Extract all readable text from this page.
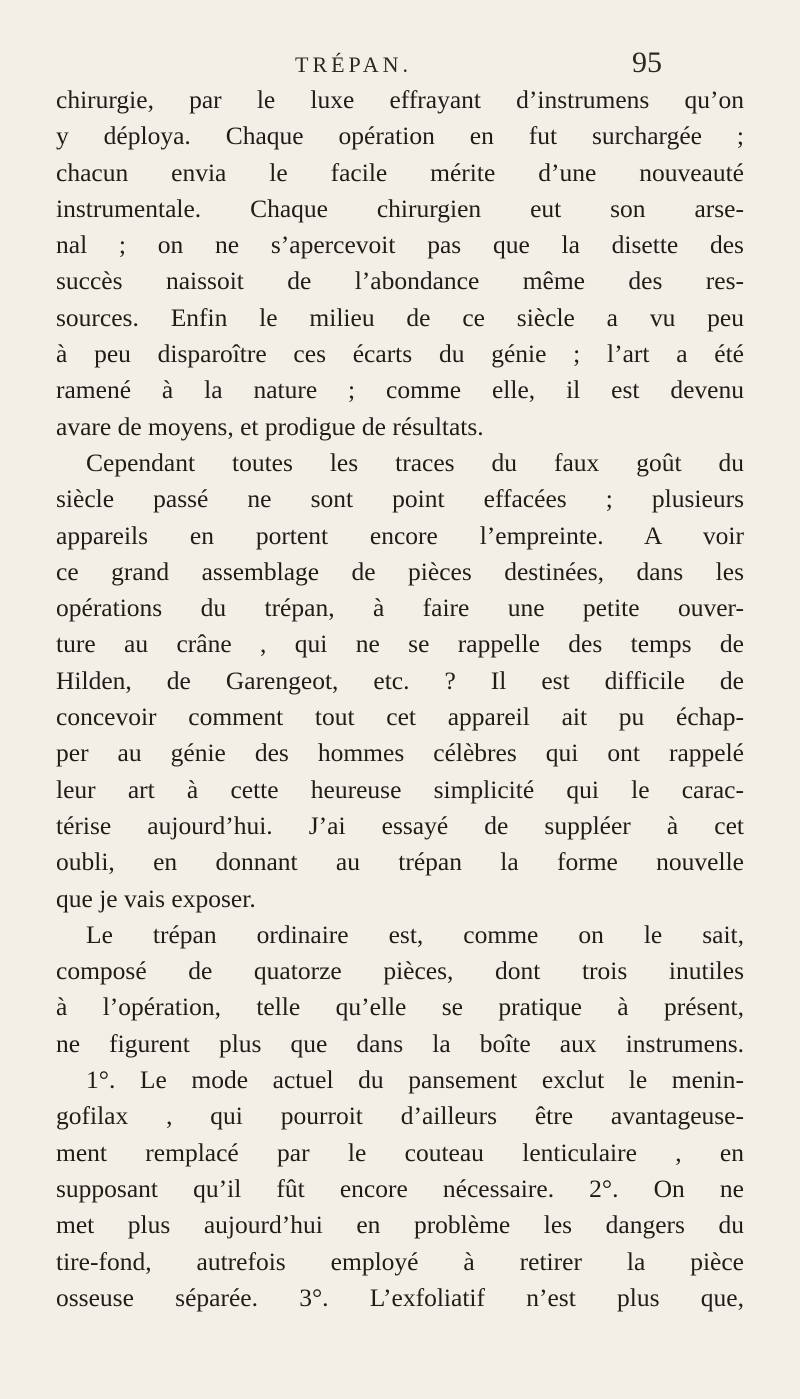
TRÉPAN.	95
chirurgie, par le luxe effrayant d’instrumens qu’on
y déploya. Chaque opération en fut surchargée ;
chacun envia le facile mérite d’une nouveauté
instrumentale. Chaque chirurgien eut son arse-
nal ; on ne s’apercevoit pas que la disette des
succès naissoit de l’abondance même des res-
sources. Enfin le milieu de ce siècle a vu peu
à peu disparoître ces écarts du génie ; l’art a été
ramené à la nature ; comme elle, il est devenu
avare de moyens, et prodigue de résultats.
Cependant toutes les traces du faux goût du
siècle passé ne sont point effacées ; plusieurs
appareils en portent encore l’empreinte. A voir
ce grand assemblage de pièces destinées, dans les
opérations du trépan, à faire une petite ouver-
ture au crâne , qui ne se rappelle des temps de
Hilden, de Garengeot, etc. ? Il est difficile de
concevoir comment tout cet appareil ait pu échap-
per au génie des hommes célèbres qui ont rappelé
leur art à cette heureuse simplicité qui le carac-
térise aujourd’hui. J’ai essayé de suppléer à cet
oubli, en donnant au trépan la forme nouvelle
que je vais exposer.
Le trépan ordinaire est, comme on le sait,
composé de quatorze pièces, dont trois inutiles
à l’opération, telle qu’elle se pratique à présent,
ne figurent plus que dans la boîte aux instrumens.
1°. Le mode actuel du pansement exclut le menin-
gofilax , qui pourroit d’ailleurs être avantageuse-
ment remplacé par le couteau lenticulaire , en
supposant qu’il fût encore nécessaire. 2°. On ne
met plus aujourd’hui en problème les dangers du
tire-fond, autrefois employé à retirer la pièce
osseuse séparée. 3°. L’exfoliatif n’est plus que,
